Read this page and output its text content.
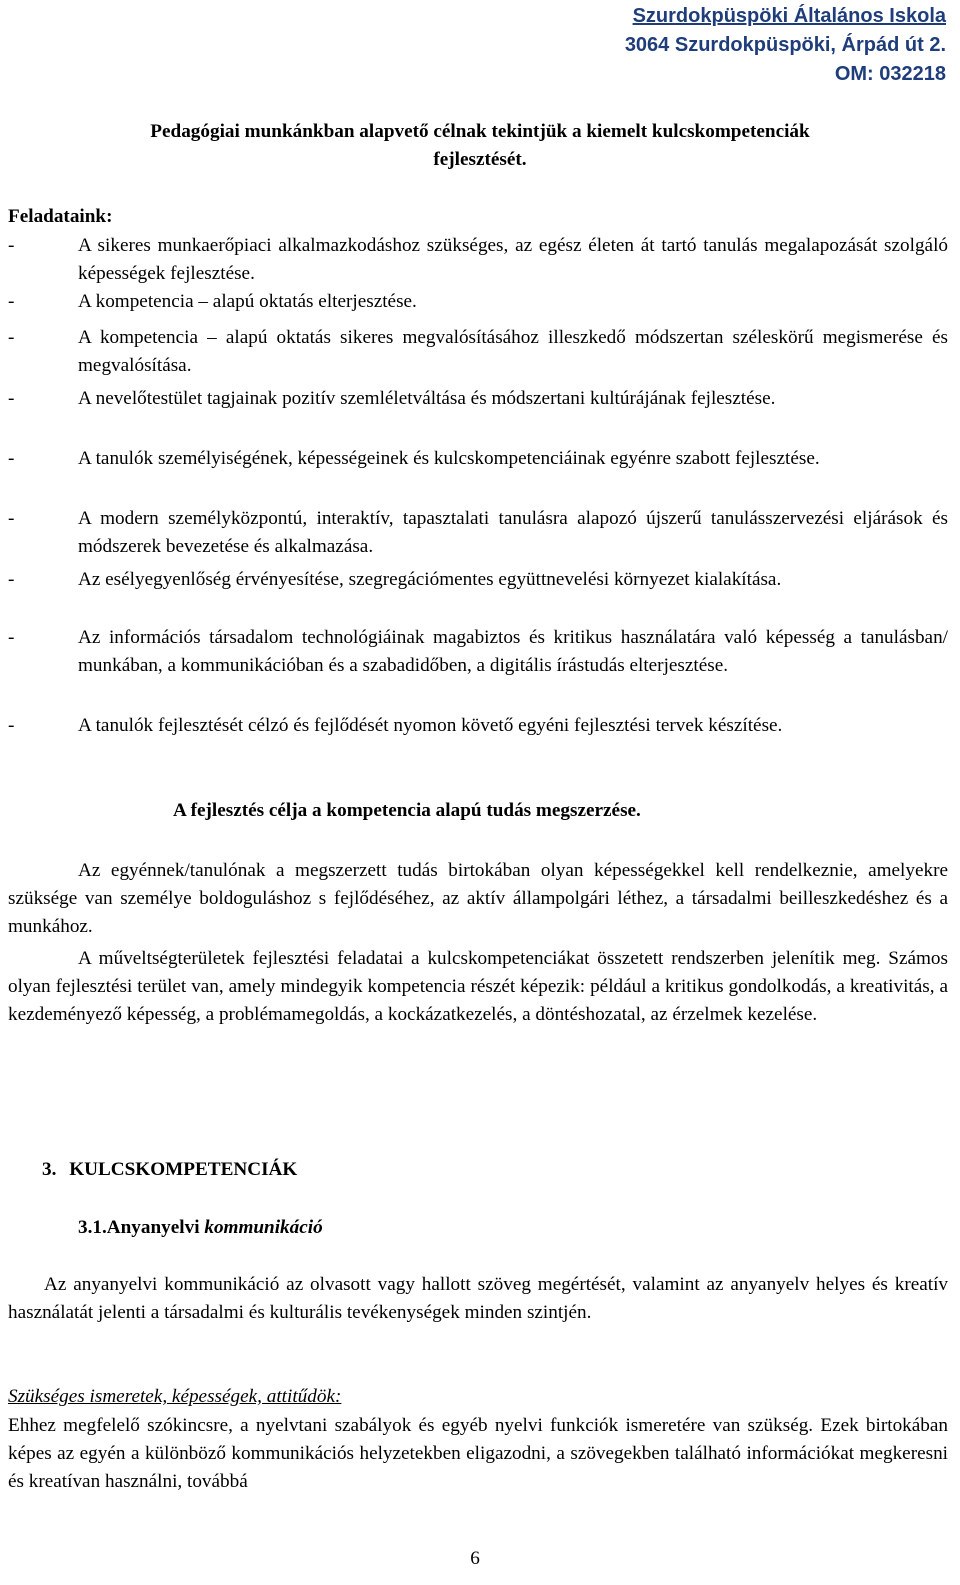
Szurdokpüspöki Általános Iskola
3064 Szurdokpüspöki, Árpád út 2.
OM: 032218
Pedagógiai munkánkban alapvető célnak tekintjük a kiemelt kulcskompetenciák fejlesztését.
Feladataink:
-	A sikeres munkaerőpiaci alkalmazkodáshoz szükséges, az egész életen át tartó tanulás megalapozását szolgáló képességek fejlesztése.
-	A kompetencia – alapú oktatás elterjesztése.
-	A kompetencia – alapú oktatás sikeres megvalósításához illeszkedő módszertan széleskörű megismerése és megvalósítása.
-	A nevelőtestület tagjainak pozitív szemléletváltása és módszertani kultúrájának fejlesztése.
-	A tanulók személyiségének, képességeinek és kulcskompetenciáinak egyénre szabott fejlesztése.
-	A modern személyközpontú, interaktív, tapasztalati tanulásra alapozó újszerű tanulásszervezési eljárások és módszerek bevezetése és alkalmazása.
-	Az esélyegyenlőség érvényesítése, szegregációmentes együttnevelési környezet kialakítása.
-	Az információs társadalom technológiáinak magabiztos és kritikus használatára való képesség a tanulásban/ munkában, a kommunikációban és a szabadidőben, a digitális írástudás elterjesztése.
-	A tanulók fejlesztését célzó és fejlődését nyomon követő egyéni fejlesztési tervek készítése.
A fejlesztés célja a kompetencia alapú tudás megszerzése.
Az egyénnek/tanulónak a megszerzett tudás birtokában olyan képességekkel kell rendelkeznie, amelyekre szüksége van személye boldoguláshoz s fejlődéséhez, az aktív állampolgári léthez, a társadalmi beilleszkedéshez és a munkához.
A műveltségterületek fejlesztési feladatai a kulcskompetenciákat összetett rendszerben jelenítik meg. Számos olyan fejlesztési terület van, amely mindegyik kompetencia részét képezik: például a kritikus gondolkodás, a kreativitás, a kezdeményező képesség, a problémamegoldás, a kockázatkezelés, a döntéshozatal, az érzelmek kezelése.
3. KULCSKOMPETENCIÁK
3.1.Anyanyelvi kommunikáció
Az anyanyelvi kommunikáció az olvasott vagy hallott szöveg megértését, valamint az anyanyelv helyes és kreatív használatát jelenti a társadalmi és kulturális tevékenységek minden szintjén.
Szükséges ismeretek, képességek, attitűdök:
Ehhez megfelelő szókincsre, a nyelvtani szabályok és egyéb nyelvi funkciók ismeretére van szükség. Ezek birtokában képes az egyén a különböző kommunikációs helyzetekben eligazodni, a szövegekben található információkat megkeresni és kreatívan használni, továbbá
6
